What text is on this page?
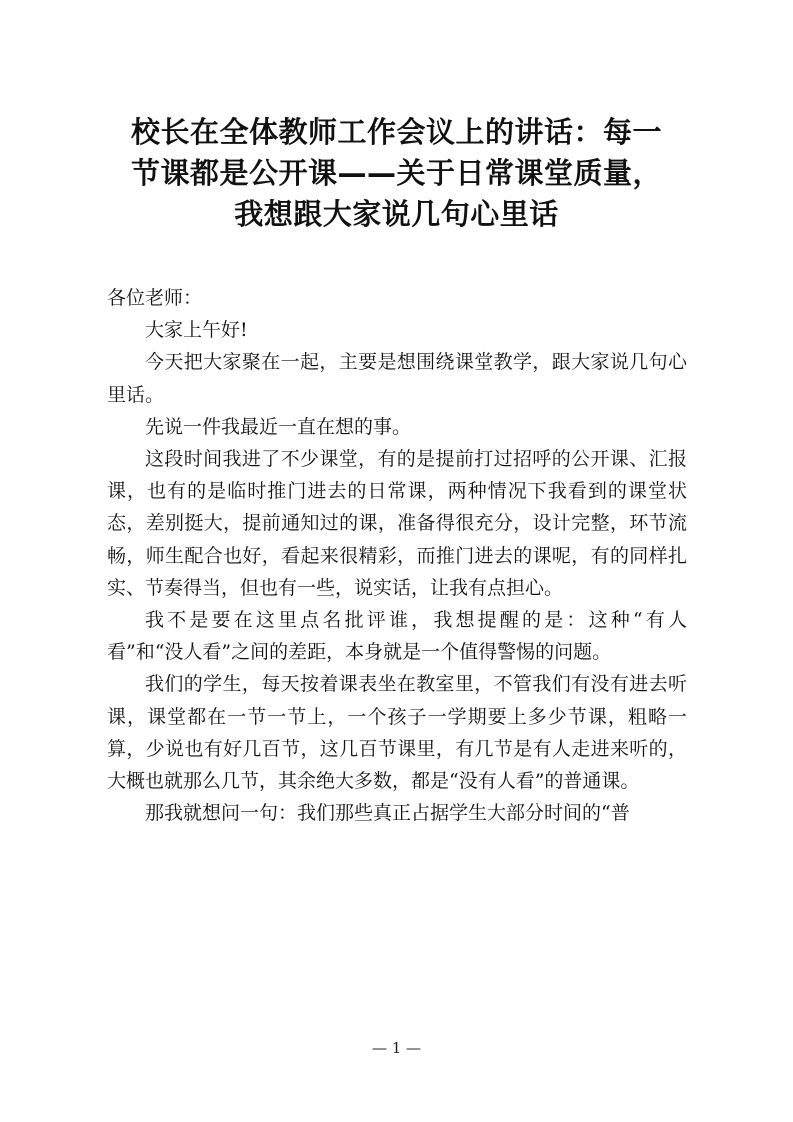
校长在全体教师工作会议上的讲话：每一
节课都是公开课——关于日常课堂质量，
我想跟大家说几句心里话

各位老师：

大家上午好!

今天把大家聚在一起，主要是想围绕课堂教学，跟大家说几句心里话。

先说一件我最近一直在想的事。

这段时间我进了不少课堂，有的是提前打过招呼的公开课、汇报课，也有的是临时推门进去的日常课，两种情况下我看到的课堂状态，差别挺大，提前通知过的课，准备得很充分，设计完整，环节流畅，师生配合也好，看起来很精彩，而推门进去的课呢，有的同样扎实、节奏得当，但也有一些，说实话，让我有点担心。

我不是要在这里点名批评谁，我想提醒的是：这种“有人看”和“没人看”之间的差距，本身就是一个值得警惕的问题。

我们的学生，每天按着课表坐在教室里，不管我们有没有进去听课，课堂都在一节一节上，一个孩子一学期要上多少节课，粗略一算，少说也有好几百节，这几百节课里，有几节是有人走进来听的，大概也就那么几节，其余绝大多数，都是“没有人看”的普通课。

那我就想问一句：我们那些真正占据学生大部分时间的“普

— 1 —
